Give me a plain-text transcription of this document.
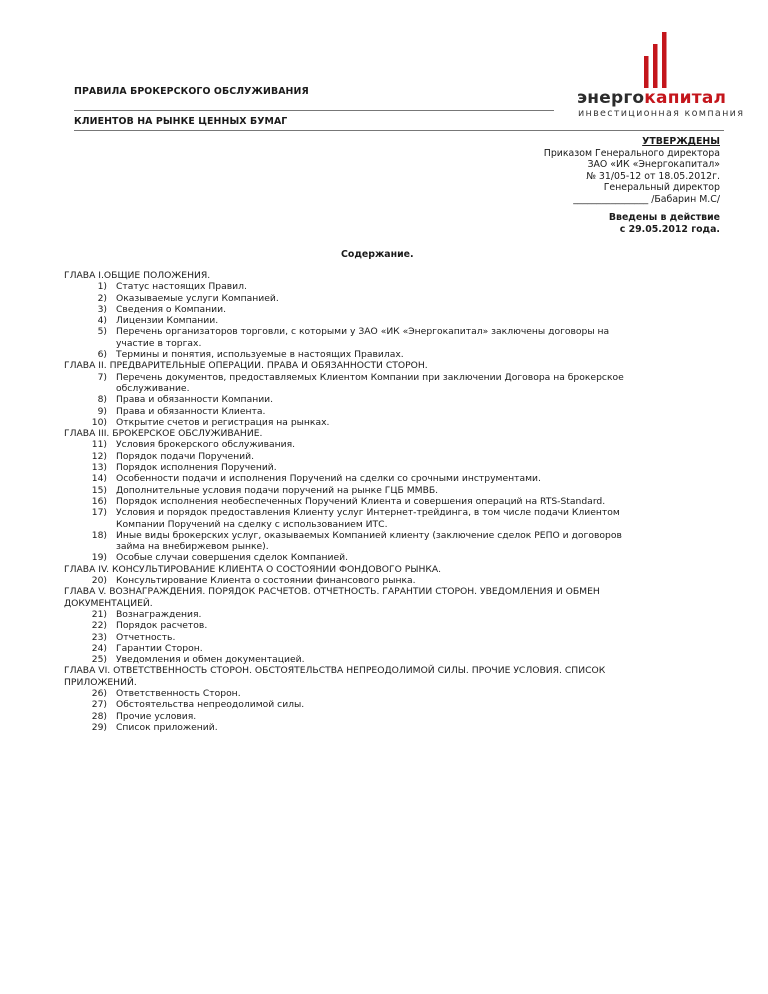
ПРАВИЛА БРОКЕРСКОГО ОБСЛУЖИВАНИЯ
КЛИЕНТОВ НА РЫНКЕ ЦЕННЫХ БУМАГ
энергокапитал
инвестиционная компания
УТВЕРЖДЕНЫ
Приказом Генерального директора
ЗАО «ИК «Энергокапитал»
№ 31/05-12 от 18.05.2012г.
Генеральный директор
________________ /Бабарин М.С/
Введены в действие
с 29.05.2012 года.
Содержание.
ГЛАВА I.ОБЩИЕ ПОЛОЖЕНИЯ.
1) Статус настоящих Правил.
2) Оказываемые услуги Компанией.
3) Сведения о Компании.
4) Лицензии Компании.
5) Перечень организаторов торговли, с которыми у ЗАО «ИК «Энергокапитал» заключены договоры на участие в торгах.
6) Термины и понятия, используемые в настоящих Правилах.
ГЛАВА II. ПРЕДВАРИТЕЛЬНЫЕ ОПЕРАЦИИ. ПРАВА И ОБЯЗАННОСТИ СТОРОН.
7) Перечень документов, предоставляемых Клиентом Компании при заключении Договора на брокерское обслуживание.
8) Права и обязанности Компании.
9) Права и обязанности Клиента.
10) Открытие счетов и регистрация на рынках.
ГЛАВА III. БРОКЕРСКОЕ ОБСЛУЖИВАНИЕ.
11) Условия брокерского обслуживания.
12) Порядок подачи Поручений.
13) Порядок исполнения Поручений.
14) Особенности подачи и исполнения Поручений на сделки со срочными инструментами.
15) Дополнительные условия подачи поручений на рынке ГЦБ ММВБ.
16) Порядок исполнения необеспеченных Поручений Клиента и совершения операций на RTS-Standard.
17) Условия и порядок предоставления Клиенту услуг Интернет-трейдинга, в том числе подачи Клиентом Компании Поручений на сделку с использованием ИТС.
18) Иные виды брокерских услуг, оказываемых Компанией клиенту (заключение сделок РЕПО и договоров займа на внебиржевом рынке).
19) Особые случаи совершения сделок Компанией.
ГЛАВА IV. КОНСУЛЬТИРОВАНИЕ КЛИЕНТА О СОСТОЯНИИ ФОНДОВОГО РЫНКА.
20) Консультирование Клиента о состоянии финансового рынка.
ГЛАВА V. ВОЗНАГРАЖДЕНИЯ. ПОРЯДОК РАСЧЕТОВ. ОТЧЕТНОСТЬ. ГАРАНТИИ СТОРОН. УВЕДОМЛЕНИЯ И ОБМЕН ДОКУМЕНТАЦИЕЙ.
21) Вознаграждения.
22) Порядок расчетов.
23) Отчетность.
24) Гарантии Сторон.
25) Уведомления и обмен документацией.
ГЛАВА VI. ОТВЕТСТВЕННОСТЬ СТОРОН. ОБСТОЯТЕЛЬСТВА НЕПРЕОДОЛИМОЙ СИЛЫ. ПРОЧИЕ УСЛОВИЯ. СПИСОК ПРИЛОЖЕНИЙ.
26) Ответственность Сторон.
27) Обстоятельства непреодолимой силы.
28) Прочие условия.
29) Список приложений.
